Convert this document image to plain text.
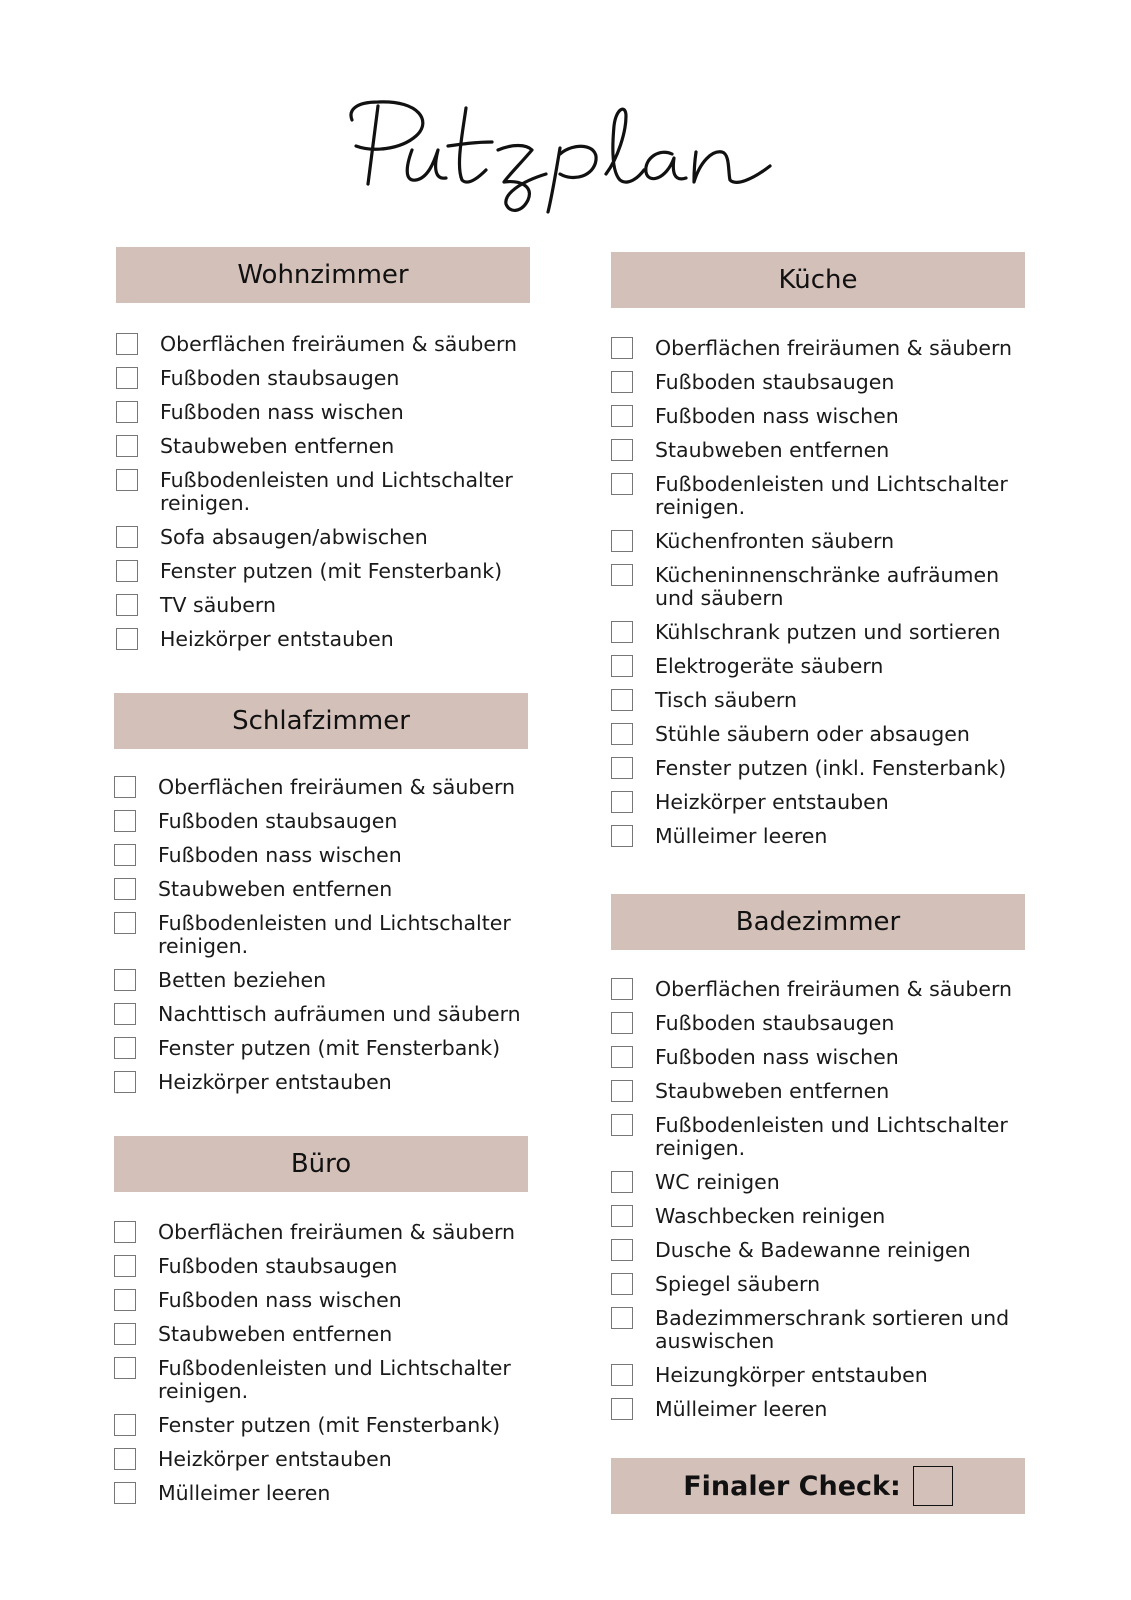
Wohnzimmer
Oberflächen freiräumen & säubern
Fußboden staubsaugen
Fußboden nass wischen
Staubweben entfernen
Fußbodenleisten und Lichtschalter reinigen.
Sofa absaugen/abwischen
Fenster putzen (mit Fensterbank)
TV säubern
Heizkörper entstauben
Schlafzimmer
Oberflächen freiräumen & säubern
Fußboden staubsaugen
Fußboden nass wischen
Staubweben entfernen
Fußbodenleisten und Lichtschalter reinigen.
Betten beziehen
Nachttisch aufräumen und säubern
Fenster putzen (mit Fensterbank)
Heizkörper entstauben
Büro
Oberflächen freiräumen & säubern
Fußboden staubsaugen
Fußboden nass wischen
Staubweben entfernen
Fußbodenleisten und Lichtschalter reinigen.
Fenster putzen (mit Fensterbank)
Heizkörper entstauben
Mülleimer leeren
Küche
Oberflächen freiräumen & säubern
Fußboden staubsaugen
Fußboden nass wischen
Staubweben entfernen
Fußbodenleisten und Lichtschalter reinigen.
Küchenfronten säubern
Kücheninnenschränke aufräumen und säubern
Kühlschrank putzen und sortieren
Elektrogeräte säubern
Tisch säubern
Stühle säubern oder absaugen
Fenster putzen (inkl. Fensterbank)
Heizkörper entstauben
Mülleimer leeren
Badezimmer
Oberflächen freiräumen & säubern
Fußboden staubsaugen
Fußboden nass wischen
Staubweben entfernen
Fußbodenleisten und Lichtschalter reinigen.
WC reinigen
Waschbecken reinigen
Dusche & Badewanne reinigen
Spiegel säubern
Badezimmerschrank sortieren und auswischen
Heizungkörper entstauben
Mülleimer leeren
Finaler Check:
